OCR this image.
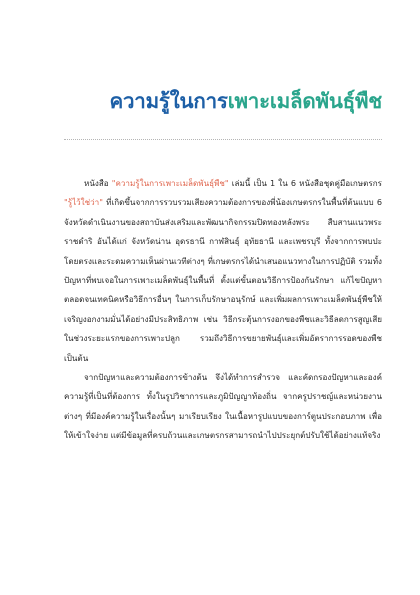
ความรู้ในการเพาะเมล็ดพันธุ์พืช

หนังสือ "ความรู้ในการเพาะเมล็ดพันธุ์พืช" เล่มนี้ เป็น 1 ใน 6 หนังสือชุดคู่มือเกษตรกร "รู้ไว้ใช่ว่า" ที่เกิดขึ้นจากการรวบรวมเสียงความต้องการของพี่น้องเกษตรกรในพื้นที่ต้นแบบ 6 จังหวัดดำเนินงานของสถาบันส่งเสริมและพัฒนากิจกรรมปิดทองหลังพระ สืบสานแนวพระราชดำริ อันได้แก่ จังหวัดน่าน อุดรธานี กาฬสินธุ์ อุทัยธานี และเพชรบุรี ทั้งจากการพบปะโดยตรงและระดมความเห็นผ่านเวทีต่างๆ ที่เกษตรกรได้นำเสนอแนวทางในการปฏิบัติ รวมทั้งปัญหาที่พบเจอในการเพาะเมล็ดพันธุ์ในพื้นที่ ตั้งแต่ขั้นตอนวิธีการป้องกันรักษา แก้ไขปัญหา ตลอดจนเทคนิคหรือวิธีการอื่นๆ ในการเก็บรักษาอนุรักษ์ และเพิ่มผลการเพาะเมล็ดพันธุ์พืชให้เจริญงอกงามมั่นได้อย่างมีประสิทธิภาพ เช่น วิธีกระตุ้นการงอกของพืชและวิธีลดการสูญเสียในช่วงระยะแรกของการเพาะปลูก รวมถึงวิธีการขยายพันธุ์และเพิ่มอัตราการรอดของพืช เป็นต้น

จากปัญหาและความต้องการข้างต้น จึงได้ทำการสำรวจ และคัดกรองปัญหาและองค์ความรู้ที่เป็นที่ต้องการ ทั้งในรูปวิชาการและภูมิปัญญาท้องถิ่น จากครูปราชญ์และหน่วยงานต่างๆ ที่มีองค์ความรู้ในเรื่องนั้นๆ มาเรียบเรียง ในเนื้อหารูปแบบของการ์ตูนประกอบภาพ เพื่อให้เข้าใจง่าย แต่มีข้อมูลที่ครบถ้วนและเกษตรกรสามารถนำไปประยุกต์ปรับใช้ได้อย่างแท้จริง
